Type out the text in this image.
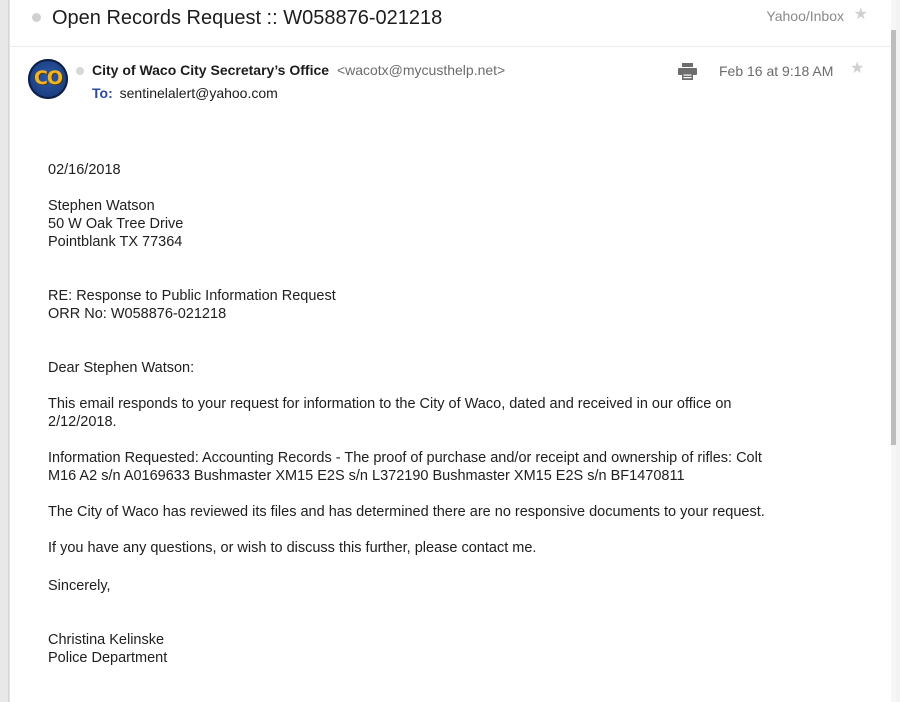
Open Records Request :: W058876-021218	Yahoo/Inbox ★
CO	City of Waco City Secretary’s Office <wacotx@mycusthelp.net>
To: sentinelalert@yahoo.com
Feb 16 at 9:18 AM ★

02/16/2018

Stephen Watson

50 W Oak Tree Drive

Pointblank TX 77364

RE: Response to Public Information Request

ORR No: W058876-021218

Dear Stephen Watson:

This email responds to your request for information to the City of Waco, dated and received in our office on

2/12/2018.

Information Requested: Accounting Records - The proof of purchase and/or receipt and ownership of rifles: Colt

M16 A2 s/n A0169633 Bushmaster XM15 E2S s/n L372190 Bushmaster XM15 E2S s/n BF1470811

The City of Waco has reviewed its files and has determined there are no responsive documents to your request.

If you have any questions, or wish to discuss this further, please contact me.

Sincerely,

Christina Kelinske

Police Department
